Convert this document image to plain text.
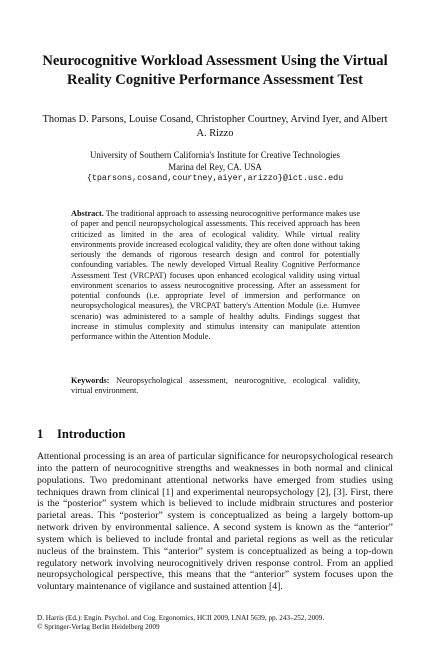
Neurocognitive Workload Assessment Using the Virtual Reality Cognitive Performance Assessment Test
Thomas D. Parsons, Louise Cosand, Christopher Courtney, Arvind Iyer, and Albert A. Rizzo
University of Southern California's Institute for Creative Technologies
Marina del Rey, CA. USA
{tparsons,cosand,courtney,aiyer,arizzo}@ict.usc.edu

Abstract. The traditional approach to assessing neurocognitive performance makes use of paper and pencil neuropsychological assessments. This received approach has been criticized as limited in the area of ecological validity. While virtual reality environments provide increased ecological validity, they are often done without taking seriously the demands of rigorous research design and control for potentially confounding variables. The newly developed Virtual Reality Cognitive Performance Assessment Test (VRCPAT) focuses upon enhanced ecological validity using virtual environment scenarios to assess neurocognitive processing. After an assessment for potential confounds (i.e. appropriate level of immersion and performance on neuropsychological measures), the VRCPAT battery's Attention Module (i.e. Humvee scenario) was administered to a sample of healthy adults. Findings suggest that increase in stimulus complexity and stimulus intensity can manipulate attention performance within the Attention Module.

Keywords: Neuropsychological assessment, neurocognitive, ecological validity, virtual environment.

1 Introduction

Attentional processing is an area of particular significance for neuropsychological research into the pattern of neurocognitive strengths and weaknesses in both normal and clinical populations. Two predominant attentional networks have emerged from studies using techniques drawn from clinical [1] and experimental neuropsychology [2], [3]. First, there is the “posterior” system which is believed to include midbrain structures and posterior parietal areas. This “posterior” system is conceptualized as being a largely bottom-up network driven by environmental salience. A second system is known as the “anterior” system which is believed to include frontal and parietal regions as well as the reticular nucleus of the brainstem. This “anterior” system is conceptualized as being a top-down regulatory network involving neurocognitively driven response control. From an applied neuropsychological perspective, this means that the “anterior” system focuses upon the voluntary maintenance of vigilance and sustained attention [4].

D. Harris (Ed.): Engin. Psychol. and Cog. Ergonomics, HCII 2009, LNAI 5639, pp. 243–252, 2009.
© Springer-Verlag Berlin Heidelberg 2009
